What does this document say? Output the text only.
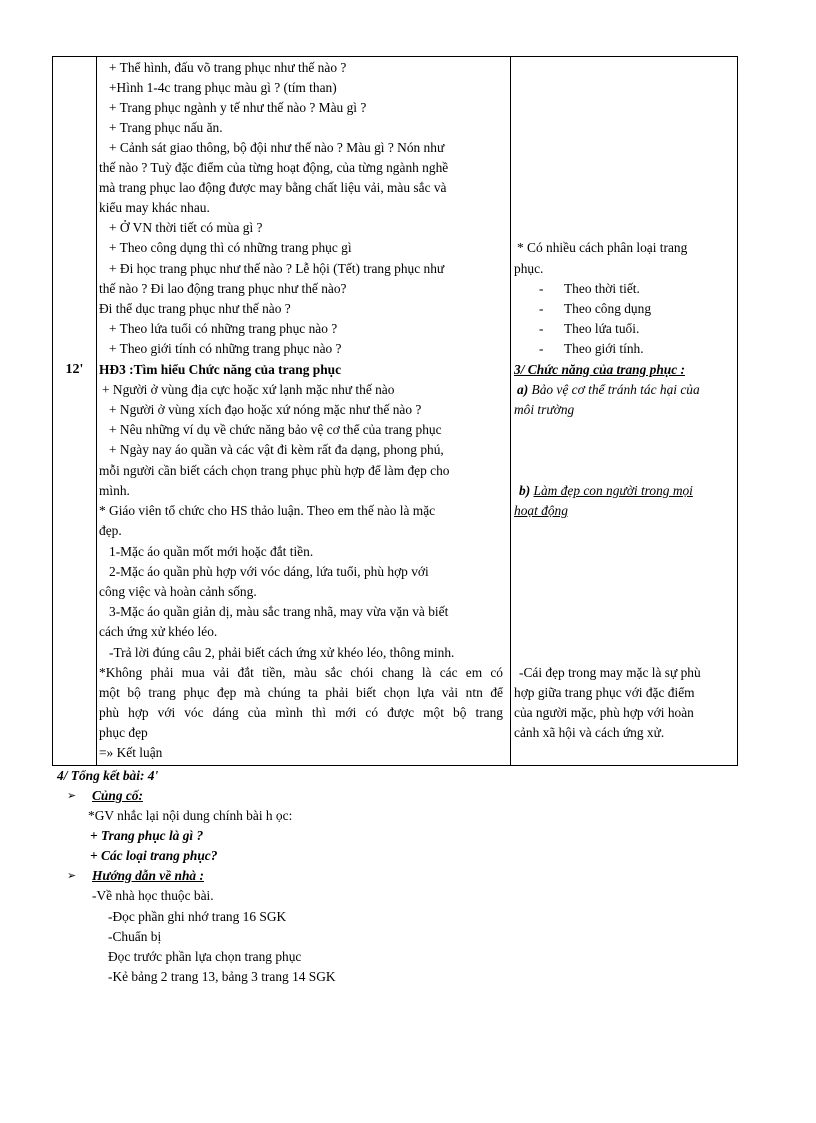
12'
+ Thể hình, đấu võ trang phục như thế nào ?
+Hình 1-4c trang phục màu gì ? (tím than)
+ Trang phục ngành y tế như thế nào ? Màu gì ?
+ Trang phục nấu ăn.
+ Cảnh sát giao thông, bộ đội như thế nào ? Màu gì ? Nón như
thế nào ? Tuỳ đặc điểm của từng hoạt động, của từng ngành nghề
mà trang phục lao động được may bằng chất liệu vải, màu sắc và
kiểu may khác nhau.
+ Ở VN thời tiết có mùa gì ?
+ Theo công dụng thì có những trang phục gì
+ Đi học trang phục như thế nào ? Lễ hội (Tết) trang phục như
thế nào ? Đi lao động trang phục như thế nào?
Đi thể dục trang phục như thế nào ?
+ Theo lứa tuổi có những trang phục nào ?
+ Theo giới tính có những trang phục nào ?
HĐ3 :Tìm hiểu Chức năng của trang phục
+ Người ở vùng địa cực hoặc xứ lạnh mặc như thế nào
+ Người ở vùng xích đạo hoặc xứ nóng mặc như thế nào ?
+ Nêu những ví dụ về chức năng bảo vệ cơ thể của trang phục
+ Ngày nay áo quần và các vật đi kèm rất đa dạng, phong phú,
mỗi người cần biết cách chọn trang phục phù hợp để làm đẹp cho
mình.
* Giáo viên tổ chức cho HS thảo luận. Theo em thế nào là mặc
đẹp.
1-Mặc áo quần mốt mới hoặc đắt tiền.
2-Mặc áo quần phù hợp với vóc dáng, lứa tuổi, phù hợp với
công việc và hoàn cảnh sống.
3-Mặc áo quần giản dị, màu sắc trang nhã, may vừa vặn và biết
cách ứng xử khéo léo.
-Trả lời đúng câu 2, phải biết cách ứng xử khéo léo, thông minh.
*Không phải mua vải đắt tiền, màu sắc chói chang là các em có
một bộ trang phục đẹp mà chúng ta phải biết chọn lựa vải ntn để
phù hợp với vóc dáng của mình thì mới có được một bộ trang
phục đẹp
=» Kết luận
* Có nhiều cách phân loại trang
phục.
- Theo thời tiết.
- Theo công dụng
- Theo lứa tuổi.
- Theo giới tính.
3/ Chức năng của trang phục :
a) Bảo vệ cơ thể tránh tác hại của
môi trường
b) Làm đẹp con người trong mọi
hoạt động
-Cái đẹp trong may mặc là sự phù
hợp giữa trang phục với đặc điểm
của người mặc, phù hợp với hoàn
cảnh xã hội và cách ứng xử.
4/ Tổng kết bài: 4'
➢ Củng cố:
*GV nhắc lại nội dung chính bài h ọc:
+ Trang phục là gì ?
+ Các loại trang phục?
➢ Hướng dẫn về nhà :
-Về nhà học thuộc bài.
-Đọc phần ghi nhớ trang 16 SGK
-Chuẩn bị
Đọc trước phần lựa chọn trang phục
-Kẻ bảng 2 trang 13, bảng 3 trang 14 SGK
